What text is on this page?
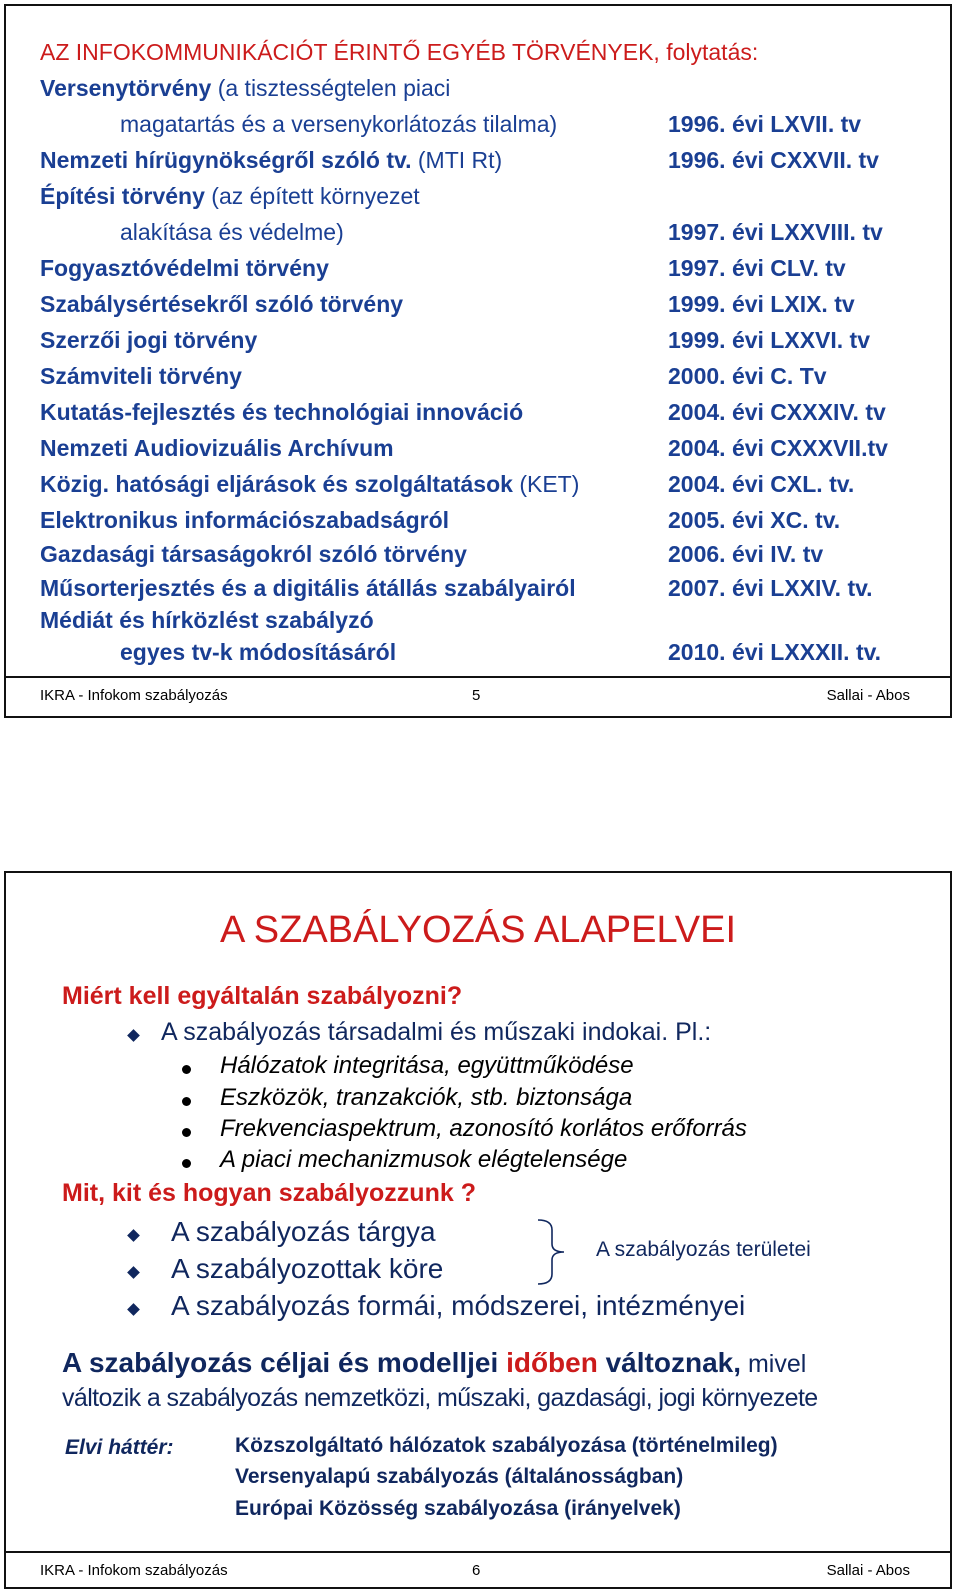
AZ INFOKOMMUNIKÁCIÓT ÉRINTŐ EGYÉB TÖRVÉNYEK, folytatás:
Versenytörvény (a tisztességtelen piaci
magatartás és a versenykorlátozás tilalma)	1996. évi LXVII. tv
Nemzeti hírügynökségről szóló tv. (MTI Rt)	1996. évi CXXVII. tv
Építési törvény (az épített környezet
alakítása és védelme)	1997. évi LXXVIII. tv
Fogyasztóvédelmi törvény	1997. évi CLV. tv
Szabálysértésekről szóló törvény	1999. évi LXIX. tv
Szerzői jogi törvény	1999. évi LXXVI. tv
Számviteli törvény	2000. évi C. Tv
Kutatás-fejlesztés és technológiai innováció	2004. évi CXXXIV. tv
Nemzeti Audiovizuális Archívum	2004. évi CXXXVII.tv
Közig. hatósági eljárások és szolgáltatások (KET)	2004. évi CXL. tv.
Elektronikus információszabadságról	2005. évi XC. tv.
Gazdasági társaságokról szóló törvény	2006. évi IV. tv
Műsorterjesztés és a digitális átállás szabályairól	2007. évi LXXIV. tv.
Médiát és hírközlést szabályzó
egyes tv-k módosításáról	2010. évi LXXXII. tv.
IKRA - Infokom szabályozás	5	Sallai - Abos
A SZABÁLYOZÁS ALAPELVEI
Miért kell egyáltalán szabályozni?
A szabályozás társadalmi és műszaki indokai. Pl.:
Hálózatok integritása, együttműködése
Eszközök, tranzakciók, stb. biztonsága
Frekvenciaspektrum, azonosító korlátos erőforrás
A piaci mechanizmusok elégtelensége
Mit, kit és hogyan szabályozzunk ?
A szabályozás tárgya
A szabályozottak köre
A szabályozás formái, módszerei, intézményei
A szabályozás területei
A szabályozás céljai és modelljei időben változnak, mivel
változik a szabályozás nemzetközi, műszaki, gazdasági, jogi környezete
Elvi háttér:	Közszolgáltató hálózatok szabályozása (történelmileg)
Versenyalapú szabályozás (általánosságban)
Európai Közösség szabályozása (irányelvek)
IKRA - Infokom szabályozás	6	Sallai - Abos
